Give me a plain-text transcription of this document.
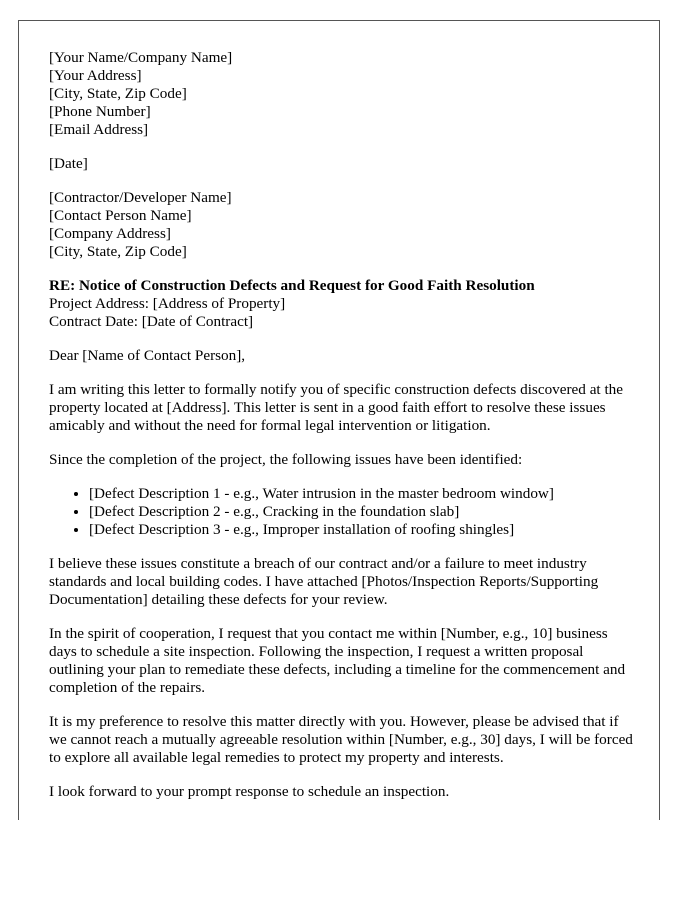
[Your Name/Company Name]
[Your Address]
[City, State, Zip Code]
[Phone Number]
[Email Address]
[Date]
[Contractor/Developer Name]
[Contact Person Name]
[Company Address]
[City, State, Zip Code]
RE: Notice of Construction Defects and Request for Good Faith Resolution
Project Address: [Address of Property]
Contract Date: [Date of Contract]

Dear [Name of Contact Person],

I am writing this letter to formally notify you of specific construction defects discovered at the property located at [Address]. This letter is sent in a good faith effort to resolve these issues amicably and without the need for formal legal intervention or litigation.

Since the completion of the project, the following issues have been identified:

• [Defect Description 1 - e.g., Water intrusion in the master bedroom window]
• [Defect Description 2 - e.g., Cracking in the foundation slab]
• [Defect Description 3 - e.g., Improper installation of roofing shingles]

I believe these issues constitute a breach of our contract and/or a failure to meet industry standards and local building codes. I have attached [Photos/Inspection Reports/Supporting Documentation] detailing these defects for your review.

In the spirit of cooperation, I request that you contact me within [Number, e.g., 10] business days to schedule a site inspection. Following the inspection, I request a written proposal outlining your plan to remediate these defects, including a timeline for the commencement and completion of the repairs.

It is my preference to resolve this matter directly with you. However, please be advised that if we cannot reach a mutually agreeable resolution within [Number, e.g., 30] days, I will be forced to explore all available legal remedies to protect my property and interests.

I look forward to your prompt response to schedule an inspection.
